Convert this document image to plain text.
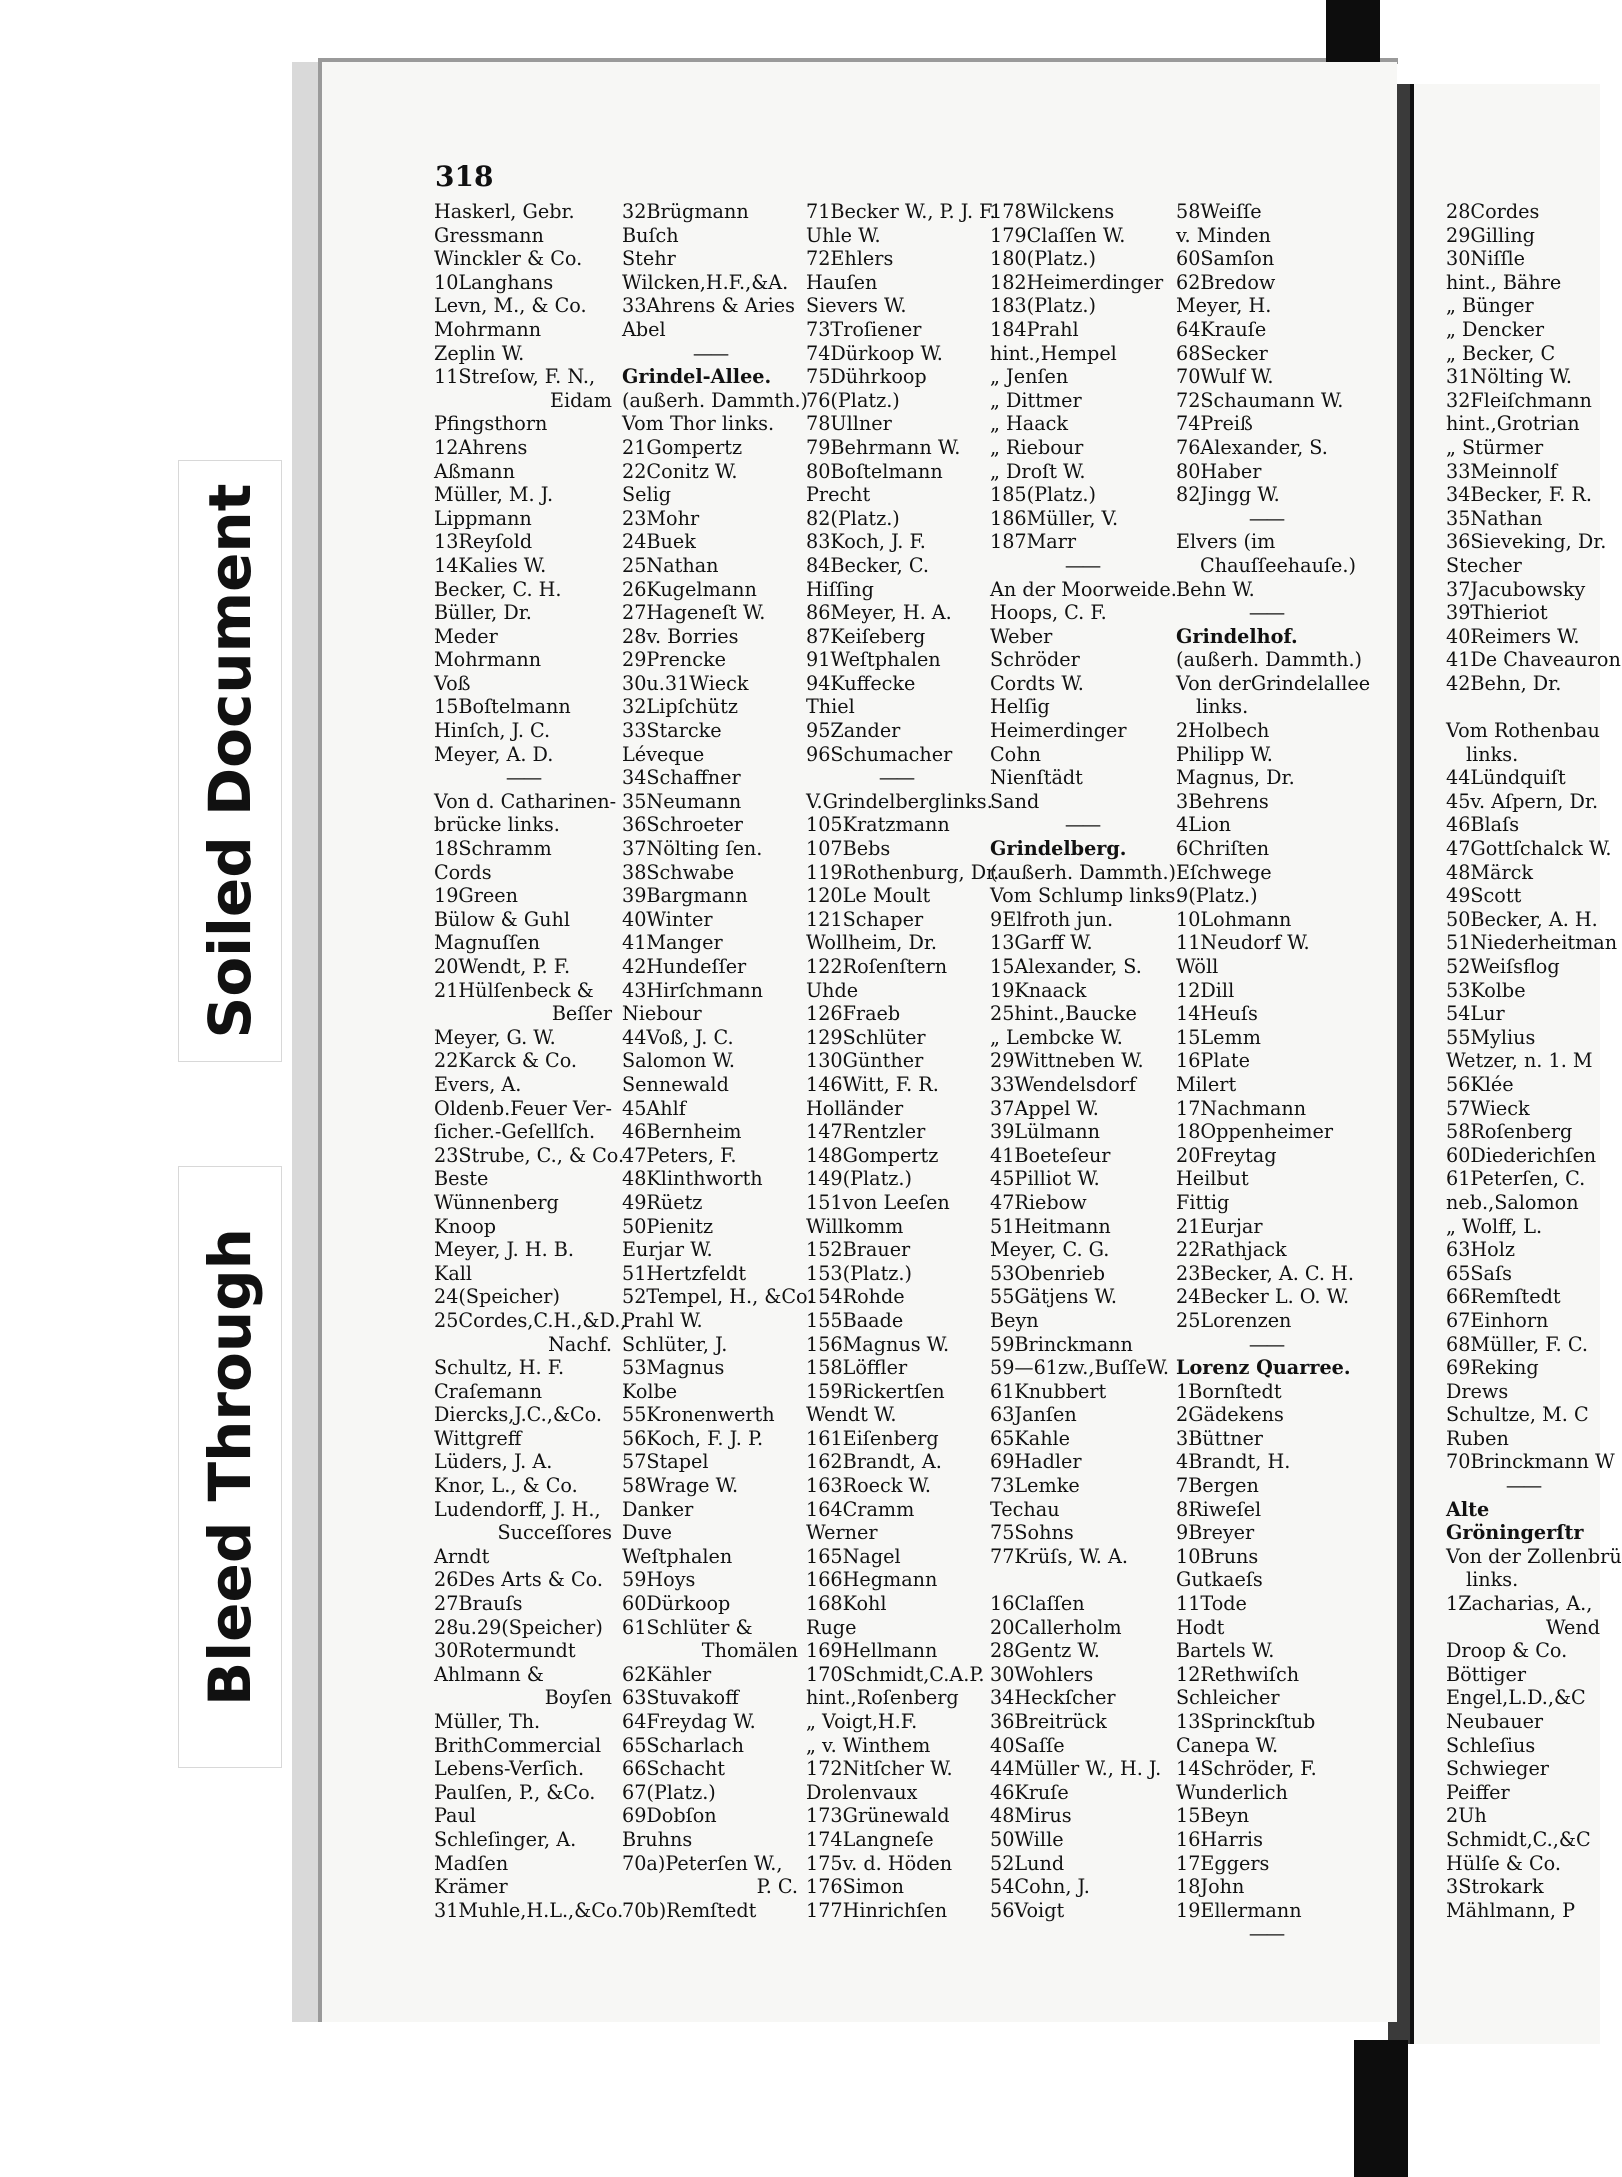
Soiled Document
Bleed Through
318
Haskerl, Gebr.
Gressmann
Winckler & Co.
10Langhans
Levn, M., & Co.
Mohrmann
Zeplin W.
11Streſow, F. N.,
Eidam
Pfingsthorn
12Ahrens
Aßmann
Müller, M. J.
Lippmann
13Reyſold
14Kalies W.
Becker, C. H.
Büller, Dr.
Meder
Mohrmann
Voß
15Boſtelmann
Hinſch, J. C.
Meyer, A. D.
——
Von d. Catharinen-
brücke links.
18Schramm
Cords
19Green
Bülow & Guhl
Magnuſſen
20Wendt, P. F.
21Hülſenbeck &
Beſſer
Meyer, G. W.
22Karck & Co.
Evers, A.
Oldenb.Feuer Ver-
ſicher.-Geſellſch.
23Strube, C., & Co.
Beste
Wünnenberg
Knoop
Meyer, J. H. B.
Kall
24(Speicher)
25Cordes,C.H.,&D.,
Nachf.
Schultz, H. F.
Craſemann
Diercks,J.C.,&Co.
Wittgreff
Lüders, J. A.
Knor, L., & Co.
Ludendorff, J. H.,
Succeſſores
Arndt
26Des Arts & Co.
27Brauſs
28u.29(Speicher)
30Rotermundt
Ahlmann &
Boyſen
Müller, Th.
BrithCommercial
Lebens-Verſich.
Paulſen, P., &Co.
Paul
Schleſinger, A.
Madſen
Krämer
31Muhle,H.L.,&Co.
32Brügmann
Buſch
Stehr
Wilcken,H.F.,&A.
33Ahrens & Aries
Abel
——
Grindel-Allee.
(außerh. Dammth.)
Vom Thor links.
21Gompertz
22Conitz W.
Selig
23Mohr
24Buek
25Nathan
26Kugelmann
27Hageneſt W.
28v. Borries
29Prencke
30u.31Wieck
32Lipſchütz
33Starcke
Léveque
34Schaffner
35Neumann
36Schroeter
37Nölting ſen.
38Schwabe
39Bargmann
40Winter
41Manger
42Hundeſſer
43Hirſchmann
Niebour
44Voß, J. C.
Salomon W.
Sennewald
45Ahlf
46Bernheim
47Peters, F.
48Klinthworth
49Rüetz
50Pienitz
Eurjar W.
51Hertzfeldt
52Tempel, H., &Co.
Prahl W.
Schlüter, J.
53Magnus
Kolbe
55Kronenwerth
56Koch, F. J. P.
57Stapel
58Wrage W.
Danker
Duve
Weſtphalen
59Hoys
60Dürkoop
61Schlüter &
Thomälen
62Kähler
63Stuvakoff
64Freydag W.
65Scharlach
66Schacht
67(Platz.)
69Dobſon
Bruhns
70a)Peterſen W.,
P. C.
70b)Remſtedt
71Becker W., P. J. F.
Uhle W.
72Ehlers
Hauſen
Sievers W.
73Troſiener
74Dürkoop W.
75Dührkoop
76(Platz.)
78Ullner
79Behrmann W.
80Boſtelmann
Precht
82(Platz.)
83Koch, J. F.
84Becker, C.
Hiſſing
86Meyer, H. A.
87Keiſeberg
91Weſtphalen
94Kuffecke
Thiel
95Zander
96Schumacher
——
V.Grindelberglinks.
105Kratzmann
107Bebs
119Rothenburg, Dr.
120Le Moult
121Schaper
Wollheim, Dr.
122Roſenſtern
Uhde
126Fraeb
129Schlüter
130Günther
146Witt, F. R.
Holländer
147Rentzler
148Gompertz
149(Platz.)
151von Leeſen
Willkomm
152Brauer
153(Platz.)
154Rohde
155Baade
156Magnus W.
158Löffler
159Rickertſen
Wendt W.
161Eiſenberg
162Brandt, A.
163Roeck W.
164Cramm
Werner
165Nagel
166Hegmann
168Kohl
Ruge
169Hellmann
170Schmidt,C.A.P.
hint.,Roſenberg
„ Voigt,H.F.
„ v. Winthem
172Nitſcher W.
Drolenvaux
173Grünewald
174Langneſe
175v. d. Höden
176Simon
177Hinrichſen
178Wilckens
179Claſſen W.
180(Platz.)
182Heimerdinger
183(Platz.)
184Prahl
hint.,Hempel
„ Jenſen
„ Dittmer
„ Haack
„ Riebour
„ Droſt W.
185(Platz.)
186Müller, V.
187Marr
——
An der Moorweide.
Hoops, C. F.
Weber
Schröder
Cordts W.
Helſig
Heimerdinger
Cohn
Nienſtädt
Sand
——
Grindelberg.
(außerh. Dammth.)
Vom Schlump links.
9Elfroth jun.
13Garff W.
15Alexander, S.
19Knaack
25hint.,Baucke
„ Lembcke W.
29Wittneben W.
33Wendelsdorf
37Appel W.
39Lülmann
41Boeteſeur
45Pilliot W.
47Riebow
51Heitmann
Meyer, C. G.
53Obenrieb
55Gätjens W.
Beyn
59Brinckmann
59—61zw.,BuſſeW.
61Knubbert
63Janſen
65Kahle
69Hadler
73Lemke
Techau
75Sohns
77Krüſs, W. A.
16Claſſen
20Callerholm
28Gentz W.
30Wohlers
34Heckſcher
36Breitrück
40Saſſe
44Müller W., H. J.
46Kruſe
48Mirus
50Wille
52Lund
54Cohn, J.
56Voigt
58Weiſſe
v. Minden
60Samſon
62Bredow
Meyer, H.
64Krauſe
68Secker
70Wulf W.
72Schaumann W.
74Preiß
76Alexander, S.
80Haber
82Jingg W.
——
Elvers (im
Chauſſeehauſe.)
Behn W.
——
Grindelhof.
(außerh. Dammth.)
Von derGrindelallee
links.
2Holbech
Philipp W.
Magnus, Dr.
3Behrens
4Lion
6Chriſten
Eſchwege
9(Platz.)
10Lohmann
11Neudorf W.
Wöll
12Dill
14Heuſs
15Lemm
16Plate
Milert
17Nachmann
18Oppenheimer
20Freytag
Heilbut
Fittig
21Eurjar
22Rathjack
23Becker, A. C. H.
24Becker L. O. W.
25Lorenzen
——
Lorenz Quarree.
1Bornſtedt
2Gädekens
3Büttner
4Brandt, H.
7Bergen
8Riweſel
9Breyer
10Bruns
Gutkaeſs
11Tode
Hodt
Bartels W.
12Rethwiſch
Schleicher
13Sprinckſtub
Canepa W.
14Schröder, F.
Wunderlich
15Beyn
16Harris
17Eggers
18John
19Ellermann
——
28Cordes
29Gilling
30Niſſle
hint., Bähre
„ Bünger
„ Dencker
„ Becker, C
31Nölting W.
32Fleiſchmann
hint.,Grotrian
„ Stürmer
33Meinnolf
34Becker, F. R.
35Nathan
36Sieveking, Dr.
Stecher
37Jacubowsky
39Thieriot
40Reimers W.
41De Chaveauron
42Behn, Dr.
Vom Rothenbau
links.
44Lündquiſt
45v. Aſpern, Dr.
46Blaſs
47Gottſchalck W.
48Märck
49Scott
50Becker, A. H.
51Niederheitman
52Weiſsflog
53Kolbe
54Lur
55Mylius
Wetzer, n. 1. M
56Klée
57Wieck
58Roſenberg
60Diederichſen
61Peterſen, C.
neb.,Salomon
„ Wolff, L.
63Holz
65Saſs
66Remſtedt
67Einhorn
68Müller, F. C.
69Reking
Drews
Schultze, M. C
Ruben
70Brinckmann W
——
Alte
Gröningerſtr
Von der Zollenbrü
links.
1Zacharias, A.,
Wend
Droop & Co.
Böttiger
Engel,L.D.,&C
Neubauer
Schleſius
Schwieger
Peiffer
2Uh
Schmidt,C.,&C
Hülſe & Co.
3Strokark
Mählmann, P
